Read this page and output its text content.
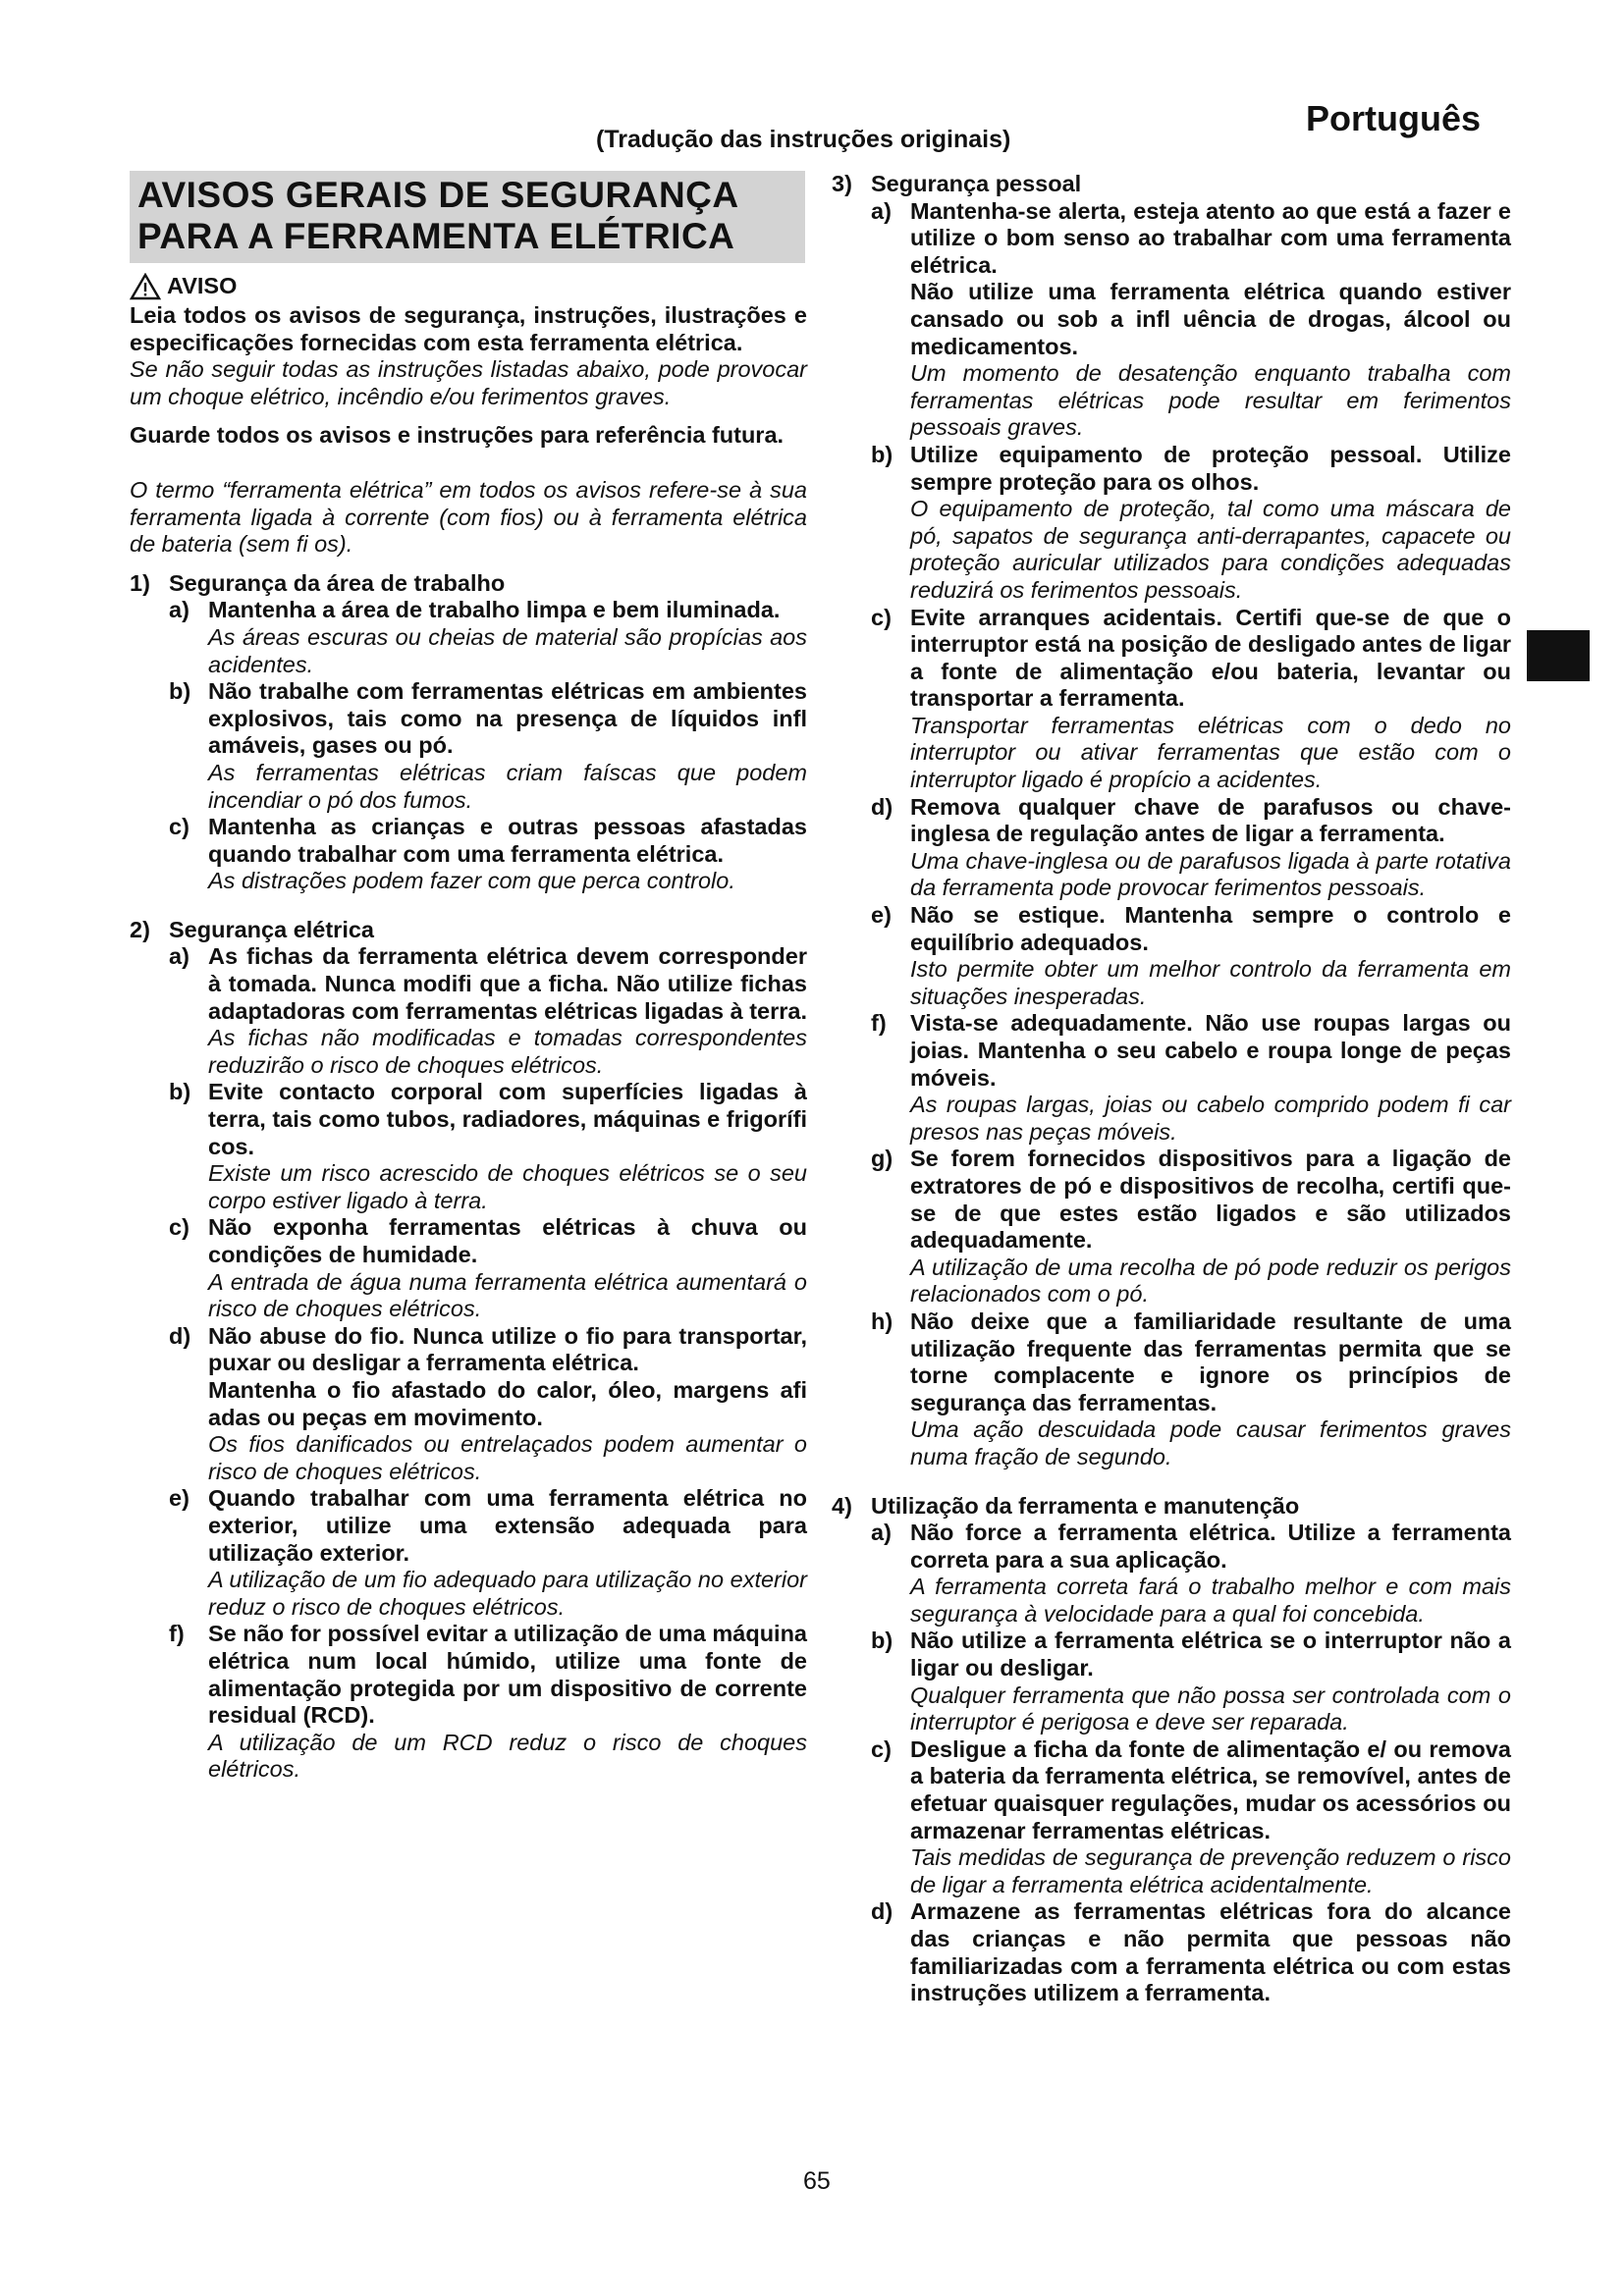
Português
(Tradução das instruções originais)
AVISOS GERAIS DE SEGURANÇA
PARA A FERRAMENTA ELÉTRICA
AVISO
Leia todos os avisos de segurança, instruções, ilustrações e especificações fornecidas com esta ferramenta elétrica.
Se não seguir todas as instruções listadas abaixo, pode provocar um choque elétrico, incêndio e/ou ferimentos graves.
Guarde todos os avisos e instruções para referência futura.
O termo “ferramenta elétrica” em todos os avisos refere-se à sua ferramenta ligada à corrente (com fios) ou à ferramenta elétrica de bateria (sem fi os).
1) Segurança da área de trabalho
a) Mantenha a área de trabalho limpa e bem iluminada.
As áreas escuras ou cheias de material são propícias aos acidentes.
b) Não trabalhe com ferramentas elétricas em ambientes explosivos, tais como na presença de líquidos infl amáveis, gases ou pó.
As ferramentas elétricas criam faíscas que podem incendiar o pó dos fumos.
c) Mantenha as crianças e outras pessoas afastadas quando trabalhar com uma ferramenta elétrica.
As distrações podem fazer com que perca controlo.
2) Segurança elétrica
a) As fichas da ferramenta elétrica devem corresponder à tomada. Nunca modifi que a ficha. Não utilize fichas adaptadoras com ferramentas elétricas ligadas à terra.
As fichas não modificadas e tomadas correspondentes reduzirão o risco de choques elétricos.
b) Evite contacto corporal com superfícies ligadas à terra, tais como tubos, radiadores, máquinas e frigorífi cos.
Existe um risco acrescido de choques elétricos se o seu corpo estiver ligado à terra.
c) Não exponha ferramentas elétricas à chuva ou condições de humidade.
A entrada de água numa ferramenta elétrica aumentará o risco de choques elétricos.
d) Não abuse do fio. Nunca utilize o fio para transportar, puxar ou desligar a ferramenta elétrica.
Mantenha o fio afastado do calor, óleo, margens afi adas ou peças em movimento.
Os fios danificados ou entrelaçados podem aumentar o risco de choques elétricos.
e) Quando trabalhar com uma ferramenta elétrica no exterior, utilize uma extensão adequada para utilização exterior.
A utilização de um fio adequado para utilização no exterior reduz o risco de choques elétricos.
f)	Se não for possível evitar a utilização de uma máquina elétrica num local húmido, utilize uma fonte de alimentação protegida por um dispositivo de corrente residual (RCD).
A utilização de um RCD reduz o risco de choques elétricos.
3) Segurança pessoal
a) Mantenha-se alerta, esteja atento ao que está a fazer e utilize o bom senso ao trabalhar com uma ferramenta elétrica.
Não utilize uma ferramenta elétrica quando estiver cansado ou sob a infl uência de drogas, álcool ou medicamentos.
Um momento de desatenção enquanto trabalha com ferramentas elétricas pode resultar em ferimentos pessoais graves.
b) Utilize equipamento de proteção pessoal. Utilize sempre proteção para os olhos.
O equipamento de proteção, tal como uma máscara de pó, sapatos de segurança anti-derrapantes, capacete ou proteção auricular utilizados para condições adequadas reduzirá os ferimentos pessoais.
c) Evite arranques acidentais. Certifi que-se de que o interruptor está na posição de desligado antes de ligar a fonte de alimentação e/ou bateria, levantar ou transportar a ferramenta.
Transportar ferramentas elétricas com o dedo no interruptor ou ativar ferramentas que estão com o interruptor ligado é propício a acidentes.
d) Remova qualquer chave de parafusos ou chave-inglesa de regulação antes de ligar a ferramenta.
Uma chave-inglesa ou de parafusos ligada à parte rotativa da ferramenta pode provocar ferimentos pessoais.
e) Não se estique. Mantenha sempre o controlo e equilíbrio adequados.
Isto permite obter um melhor controlo da ferramenta em situações inesperadas.
f)	Vista-se adequadamente. Não use roupas largas ou joias. Mantenha o seu cabelo e roupa longe de peças móveis.
As roupas largas, joias ou cabelo comprido podem fi car presos nas peças móveis.
g) Se forem fornecidos dispositivos para a ligação de extratores de pó e dispositivos de recolha, certifi que-se de que estes estão ligados e são utilizados adequadamente.
A utilização de uma recolha de pó pode reduzir os perigos relacionados com o pó.
h) Não deixe que a familiaridade resultante de uma utilização frequente das ferramentas permita que se torne complacente e ignore os princípios de segurança das ferramentas.
Uma ação descuidada pode causar ferimentos graves numa fração de segundo.
4) Utilização da ferramenta e manutenção
a) Não force a ferramenta elétrica. Utilize a ferramenta correta para a sua aplicação.
A ferramenta correta fará o trabalho melhor e com mais segurança à velocidade para a qual foi concebida.
b) Não utilize a ferramenta elétrica se o interruptor não a ligar ou desligar.
Qualquer ferramenta que não possa ser controlada com o interruptor é perigosa e deve ser reparada.
c) Desligue a ficha da fonte de alimentação e/ ou remova a bateria da ferramenta elétrica, se removível, antes de efetuar quaisquer regulações, mudar os acessórios ou armazenar ferramentas elétricas.
Tais medidas de segurança de prevenção reduzem o risco de ligar a ferramenta elétrica acidentalmente.
d) Armazene as ferramentas elétricas fora do alcance das crianças e não permita que pessoas não familiarizadas com a ferramenta elétrica ou com estas instruções utilizem a ferramenta.
65
